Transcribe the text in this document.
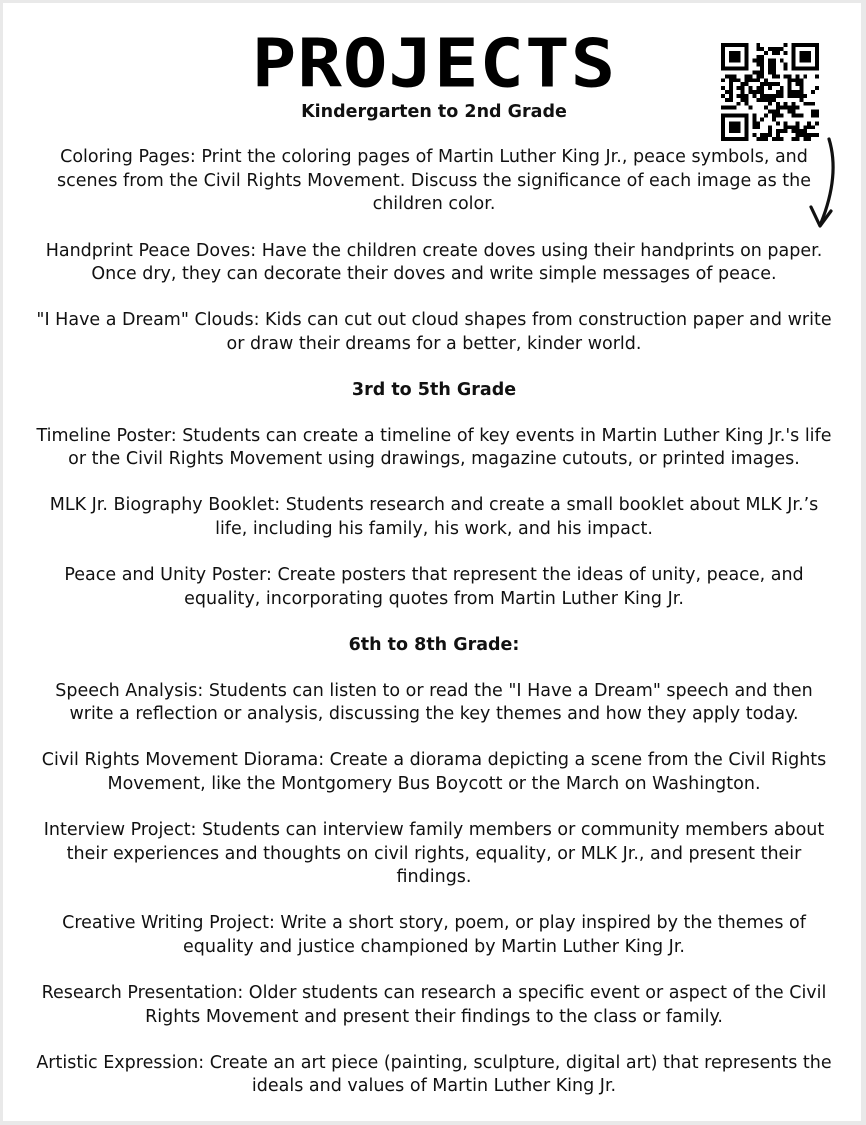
PROJECTS
Kindergarten to 2nd Grade
Coloring Pages: Print the coloring pages of Martin Luther King Jr., peace symbols, and scenes from the Civil Rights Movement. Discuss the significance of each image as the children color.
Handprint Peace Doves: Have the children create doves using their handprints on paper. Once dry, they can decorate their doves and write simple messages of peace.
"I Have a Dream" Clouds: Kids can cut out cloud shapes from construction paper and write or draw their dreams for a better, kinder world.
3rd to 5th Grade
Timeline Poster: Students can create a timeline of key events in Martin Luther King Jr.'s life or the Civil Rights Movement using drawings, magazine cutouts, or printed images.
MLK Jr. Biography Booklet: Students research and create a small booklet about MLK Jr.’s life, including his family, his work, and his impact.
Peace and Unity Poster: Create posters that represent the ideas of unity, peace, and equality, incorporating quotes from Martin Luther King Jr.
6th to 8th Grade:
Speech Analysis: Students can listen to or read the "I Have a Dream" speech and then write a reflection or analysis, discussing the key themes and how they apply today.
Civil Rights Movement Diorama: Create a diorama depicting a scene from the Civil Rights Movement, like the Montgomery Bus Boycott or the March on Washington.
Interview Project: Students can interview family members or community members about their experiences and thoughts on civil rights, equality, or MLK Jr., and present their findings.
Creative Writing Project: Write a short story, poem, or play inspired by the themes of equality and justice championed by Martin Luther King Jr.
Research Presentation: Older students can research a specific event or aspect of the Civil Rights Movement and present their findings to the class or family.
Artistic Expression: Create an art piece (painting, sculpture, digital art) that represents the ideals and values of Martin Luther King Jr.
